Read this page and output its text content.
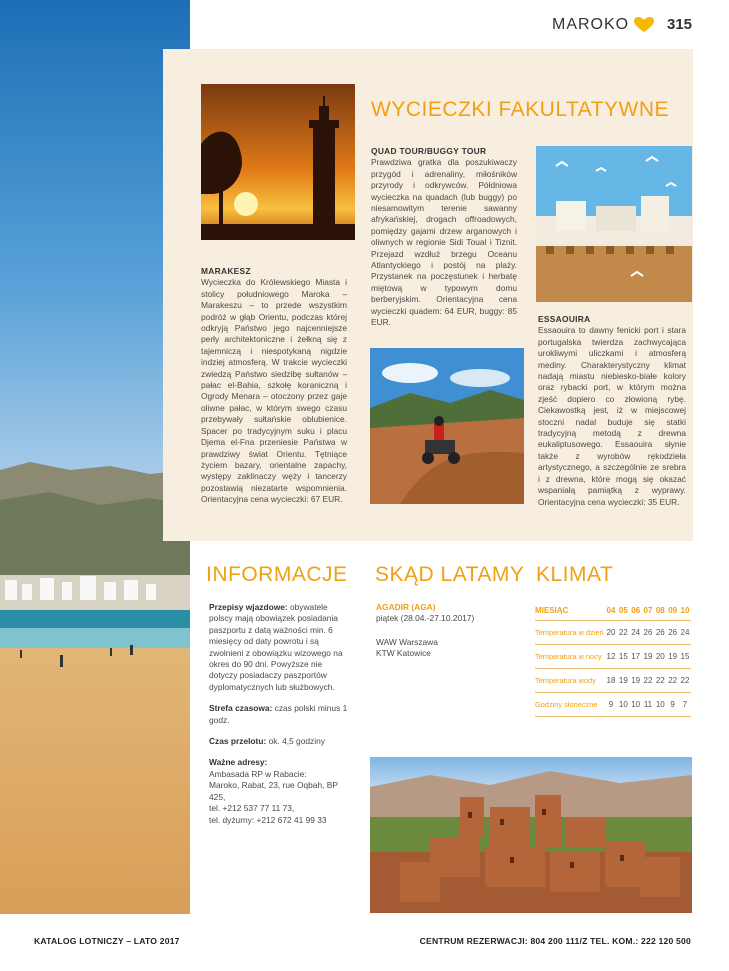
MAROKO	315
WYCIECZKI FAKULTATYWNE
MARAKESZ

Wycieczka do Królewskiego Miasta i stolicy południowego Maroka – Marakeszu – to przede wszystkim podróż w głąb Orientu, podczas której odkryją Państwo jego najcenniejsze perły architektoniczne i żełkną się z tajemniczą i niespotykaną nigdzie indziej atmosferą. W trakcie wycieczki zwiedzą Państwo siedzibę sułtanów – pałac el-Bahia, szkołę koraniczną i Ogrody Menara – otoczony przez gaje oliwne pałac, w którym swego czasu przebywały sułtańskie oblubienice. Spacer po tradycyjnym suku i placu Djema el-Fna przeniesie Państwa w prawdziwy świat Orientu. Tętniące życiem bazary, orientalne zapachy, występy zaklinaczy węży i tancerzy pozostawią niezatarte wspomnienia. Orientacyjna cena wycieczki: 67 EUR.

QUAD TOUR/BUGGY TOUR

Prawdziwa gratka dla poszukiwaczy przygód i adrenaliny, miłośników przyrody i odkrywców. Półdniowa wycieczka na quadach (lub buggy) po niesamowitym terenie sawanny afrykańskiej, drogach offroadowych, pomiędzy gajami drzew arganowych i oliwnych w regionie Sidi Toual i Tiznit. Przejazd wzdłuż brzegu Oceanu Atlantyckiego i postój na plaży. Przystanek na poczęstunek i herbatę miętową w typowym domu berberyjskim. Orientacyjna cena wycieczki quadem: 64 EUR, buggy: 85 EUR.	ESSAOUIRA

Essaouira to dawny fenicki port i stara portugalska twierdza zachwycająca urokliwymi uliczkami i atmosferą mediny. Charakterystyczny klimat nadają miastu niebiesko-białe kolory oraz rybacki port, w którym można zjeść dopiero co złowioną rybę. Ciekawostką jest, iż w miejscowej stoczni nadal buduje się statki tradycyjną metodą z drewna eukaliptusowego. Essaouira słynie także z wyrobów rękodzieła artystycznego, a szczególnie ze srebra i z drewna, które mogą się okazać wspaniałą pamiątką z wyprawy. Orientacyjna cena wycieczki: 35 EUR.

INFORMACJE
Przepisy wjazdowe: obywatele polscy mają obowiązek posiadania paszportu z datą ważności min. 6 miesięcy od daty powrotu i są zwolnieni z obowiązku wizowego na okres do 90 dni. Powyższe nie dotyczy posiadaczy paszportów dyplomatycznych lub służbowych.
Strefa czasowa: czas polski minus 1 godz.
Czas przelotu: ok. 4,5 godziny
Ważne adresy:
Ambasada RP w Rabacie:
Maroko, Rabat, 23, rue Oqbah, BP 425,
tel. +212 537 77 11 73,
tel. dyżurny: +212 672 41 99 33
SKĄD LATAMY
AGADIR (AGA)
piątek (28.04.-27.10.2017)
WAW Warszawa
KTW Katowice
KLIMAT
MIESIĄC	04 05 06 07 08 09 10
Temperatura w dzień 20 22 24 26 26 26 24
Temperatura w nocy 12 15 17 19 20 19 15
Temperatura wody	18 19 19 22 22 22 22
Godziny słoneczne	9 10 10 11 10 9 7
KATALOG LOTNICZY – LATO 2017	CENTRUM REZERWACJI: 804 200 111/Z TEL. KOM.: 222 120 500
